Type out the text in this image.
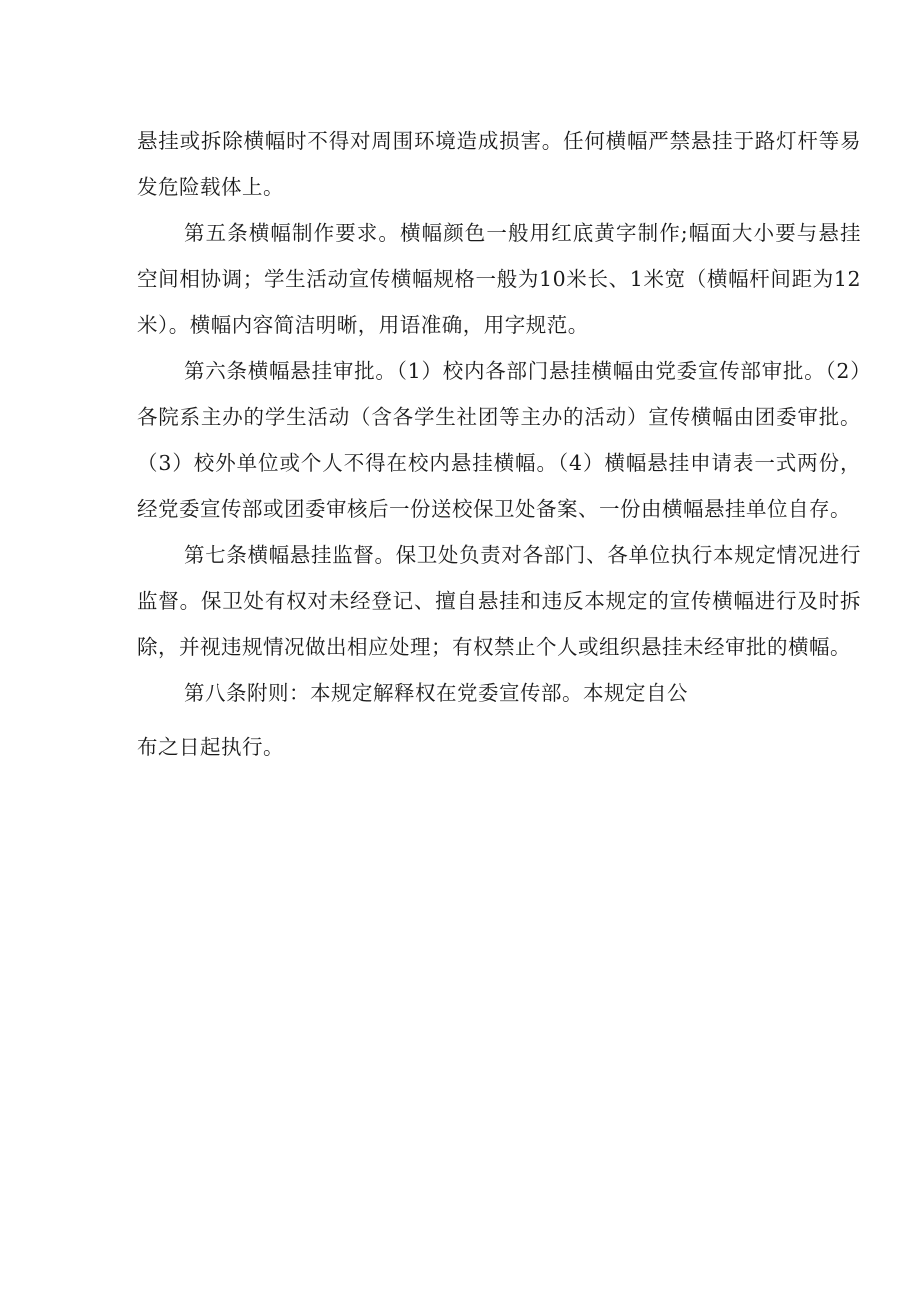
悬挂或拆除横幅时不得对周围环境造成损害。任何横幅严禁悬挂于路灯杆等易发危险载体上。

第五条横幅制作要求。横幅颜色一般用红底黄字制作;幅面大小要与悬挂空间相协调；学生活动宣传横幅规格一般为10米长、1米宽（横幅杆间距为12米）。横幅内容简洁明晰，用语准确，用字规范。

第六条横幅悬挂审批。（1）校内各部门悬挂横幅由党委宣传部审批。（2）各院系主办的学生活动（含各学生社团等主办的活动）宣传横幅由团委审批。（3）校外单位或个人不得在校内悬挂横幅。（4）横幅悬挂申请表一式两份，经党委宣传部或团委审核后一份送校保卫处备案、一份由横幅悬挂单位自存。

第七条横幅悬挂监督。保卫处负责对各部门、各单位执行本规定情况进行监督。保卫处有权对未经登记、擅自悬挂和违反本规定的宣传横幅进行及时拆除，并视违规情况做出相应处理；有权禁止个人或组织悬挂未经审批的横幅。

第八条附则：本规定解释权在党委宣传部。本规定自公

布之日起执行。
